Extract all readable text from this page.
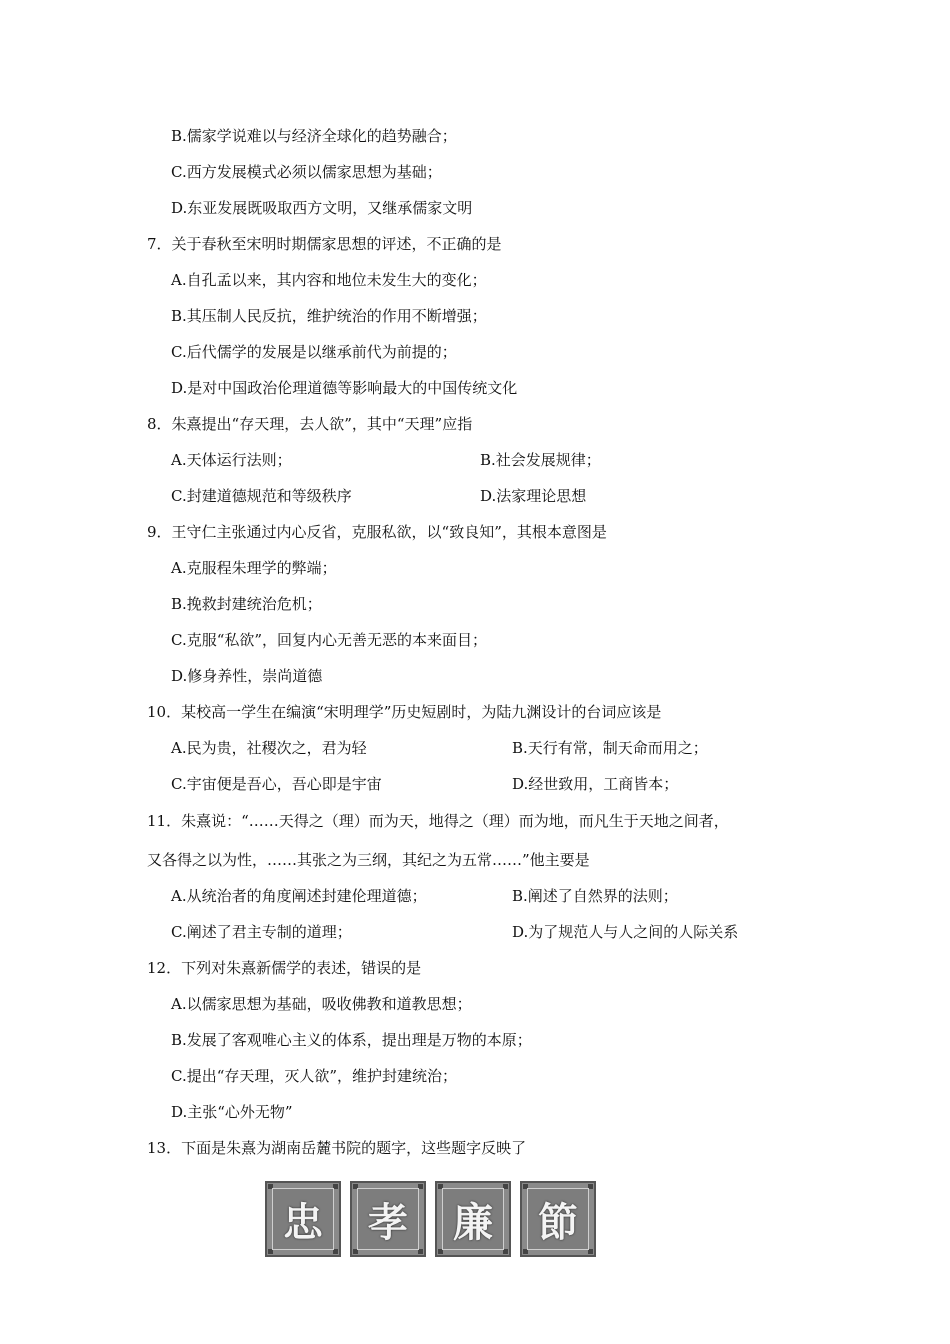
B.儒家学说难以与经济全球化的趋势融合；
C.西方发展模式必须以儒家思想为基础；
D.东亚发展既吸取西方文明，又继承儒家文明
7．关于春秋至宋明时期儒家思想的评述，不正确的是
A.自孔孟以来，其内容和地位未发生大的变化；
B.其压制人民反抗，维护统治的作用不断增强；
C.后代儒学的发展是以继承前代为前提的；
D.是对中国政治伦理道德等影响最大的中国传统文化
8．朱熹提出“存天理，去人欲”，其中“天理”应指
A.天体运行法则；	B.社会发展规律；
C.封建道德规范和等级秩序	D.法家理论思想
9．王守仁主张通过内心反省，克服私欲，以“致良知”，其根本意图是
A.克服程朱理学的弊端；
B.挽救封建统治危机；
C.克服“私欲”，回复内心无善无恶的本来面目；
D.修身养性，崇尚道德
10．某校高一学生在编演“宋明理学”历史短剧时，为陆九渊设计的台词应该是
A.民为贵，社稷次之，君为轻	B.天行有常，制天命而用之；
C.宇宙便是吾心，吾心即是宇宙	D.经世致用，工商皆本；
11．朱熹说：“……天得之（理）而为天，地得之（理）而为地，而凡生于天地之间者，
又各得之以为性，……其张之为三纲，其纪之为五常……”他主要是
A.从统治者的角度阐述封建伦理道德；	B.阐述了自然界的法则；
C.阐述了君主专制的道理；	D.为了规范人与人之间的人际关系
12．下列对朱熹新儒学的表述，错误的是
A.以儒家思想为基础，吸收佛教和道教思想；
B.发展了客观唯心主义的体系，提出理是万物的本原；
C.提出“存天理，灭人欲”，维护封建统治；
D.主张“心外无物”
13．下面是朱熹为湖南岳麓书院的题字，这些题字反映了
忠 孝 廉 節
